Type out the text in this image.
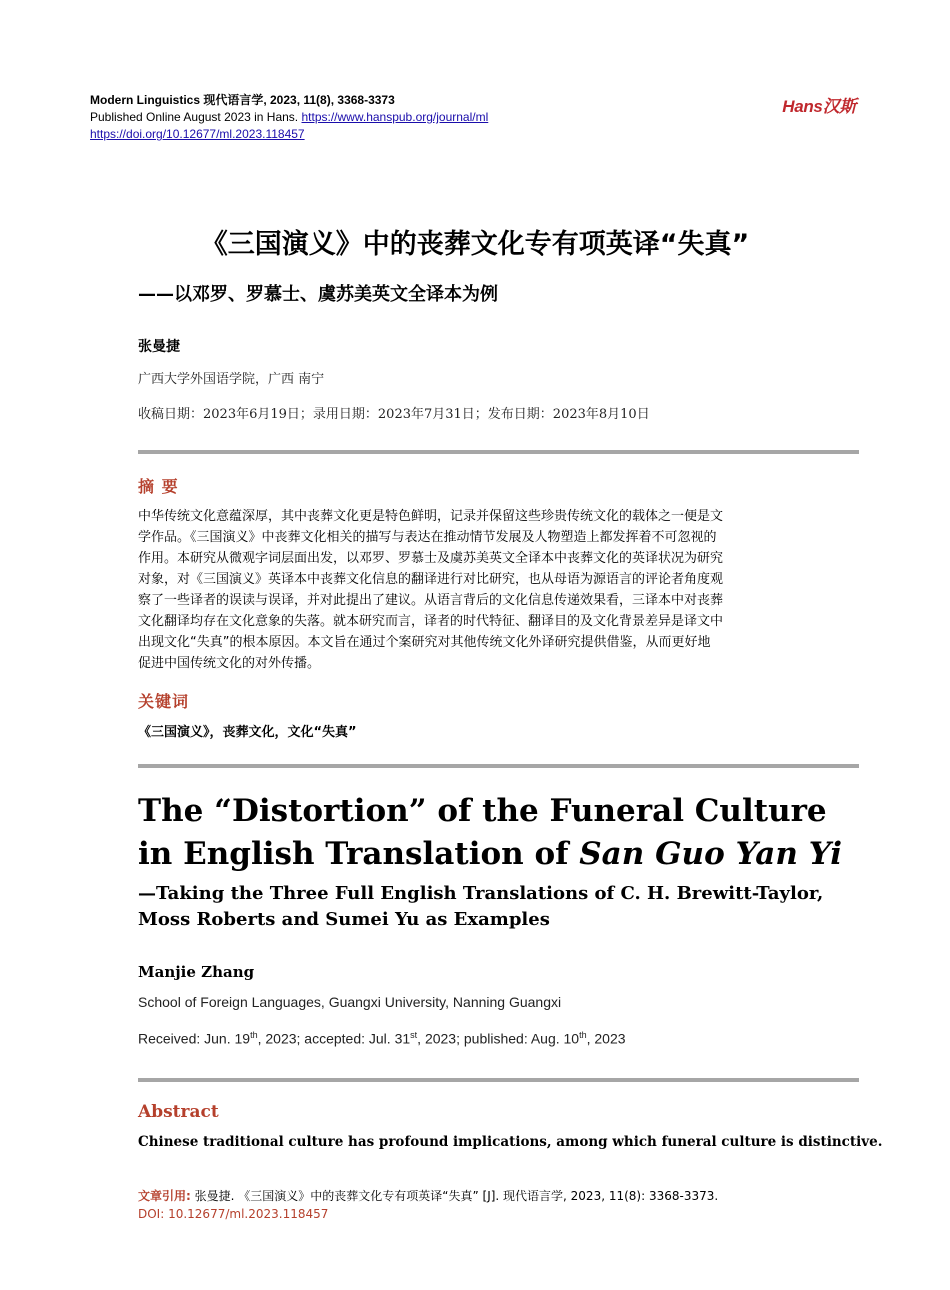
Modern Linguistics 现代语言学, 2023, 11(8), 3368-3373
Published Online August 2023 in Hans. https://www.hanspub.org/journal/ml
https://doi.org/10.12677/ml.2023.118457
Hans汉斯
《三国演义》中的丧葬文化专有项英译“失真”
——以邓罗、罗慕士、虞苏美英文全译本为例
张曼捷
广西大学外国语学院，广西 南宁
收稿日期：2023年6月19日；录用日期：2023年7月31日；发布日期：2023年8月10日
摘 要
中华传统文化意蕴深厚，其中丧葬文化更是特色鲜明，记录并保留这些珍贵传统文化的载体之一便是文
学作品。《三国演义》中丧葬文化相关的描写与表达在推动情节发展及人物塑造上都发挥着不可忽视的
作用。本研究从微观字词层面出发，以邓罗、罗慕士及虞苏美英文全译本中丧葬文化的英译状况为研究
对象，对《三国演义》英译本中丧葬文化信息的翻译进行对比研究，也从母语为源语言的评论者角度观
察了一些译者的误读与误译，并对此提出了建议。从语言背后的文化信息传递效果看，三译本中对丧葬
文化翻译均存在文化意象的失落。就本研究而言，译者的时代特征、翻译目的及文化背景差异是译文中
出现文化“失真”的根本原因。本文旨在通过个案研究对其他传统文化外译研究提供借鉴，从而更好地
促进中国传统文化的对外传播。
关键词
《三国演义》，丧葬文化，文化“失真”
The “Distortion” of the Funeral Culture
in English Translation of San Guo Yan Yi
—Taking the Three Full English Translations of C. H. Brewitt-Taylor,
Moss Roberts and Sumei Yu as Examples
Manjie Zhang
School of Foreign Languages, Guangxi University, Nanning Guangxi
Received: Jun. 19th, 2023; accepted: Jul. 31st, 2023; published: Aug. 10th, 2023
Abstract
Chinese traditional culture has profound implications, among which funeral culture is distinctive.
文章引用: 张曼捷. 《三国演义》中的丧葬文化专有项英译“失真” [J]. 现代语言学, 2023, 11(8): 3368-3373.
DOI: 10.12677/ml.2023.118457
